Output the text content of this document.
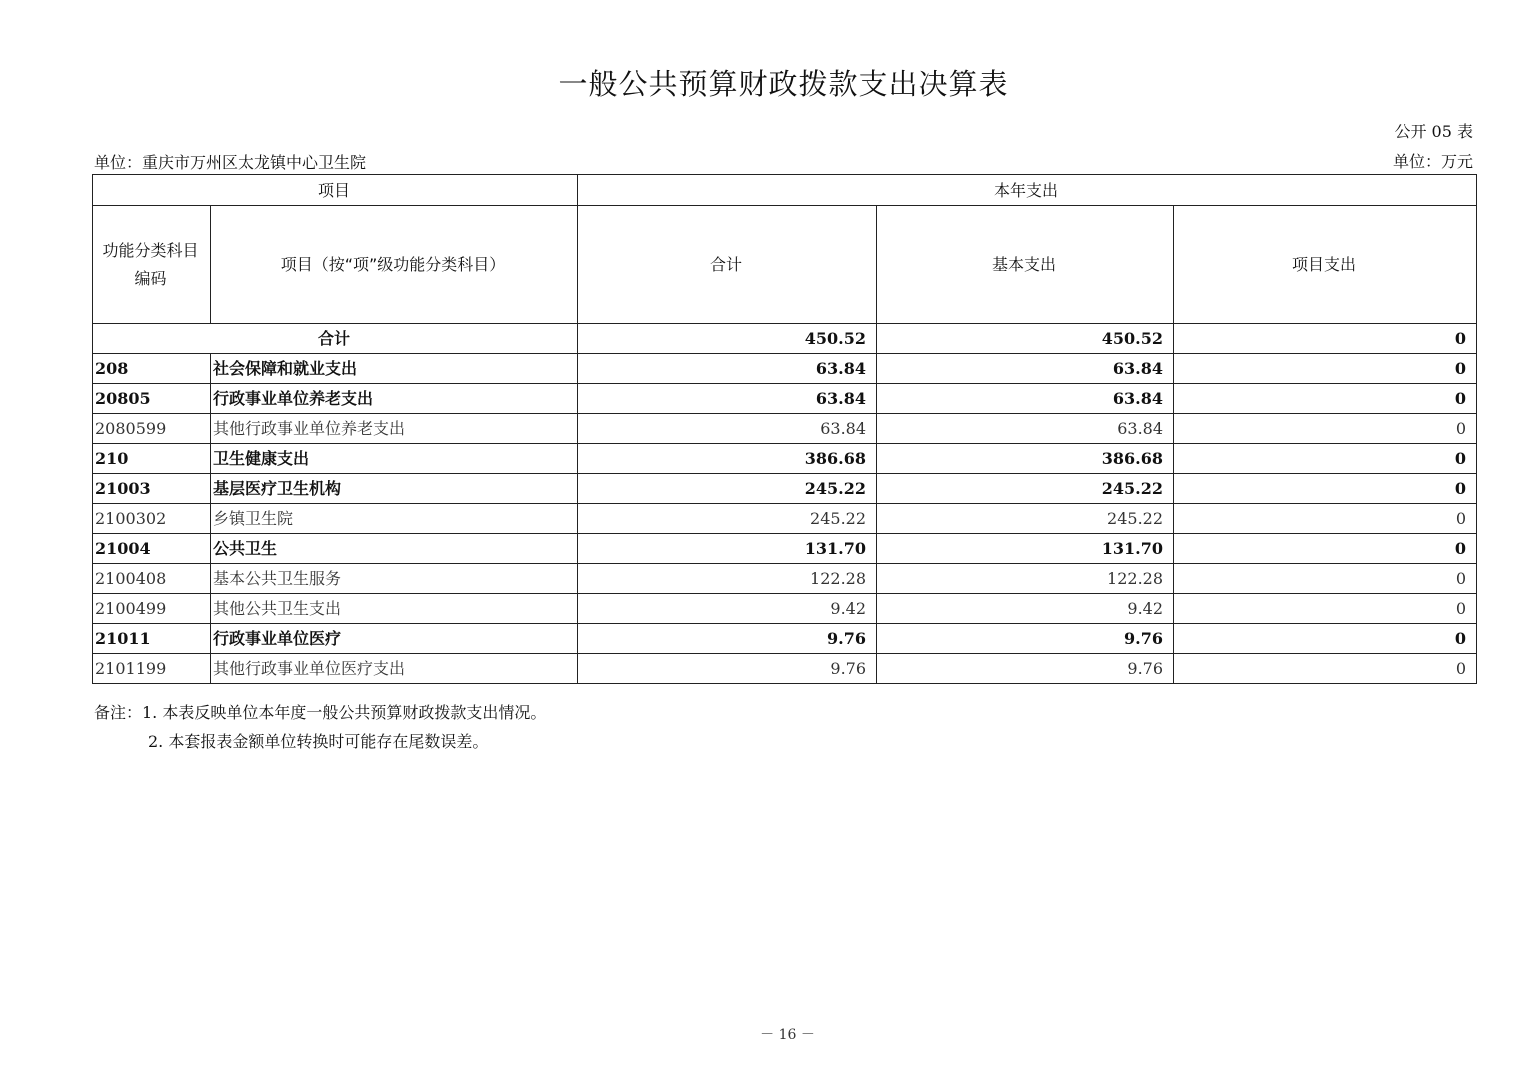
一般公共预算财政拨款支出决算表
公开 05 表
单位：重庆市万州区太龙镇中心卫生院	单位：万元
项目		本年支出		
功能分类科目编码	项目（按“项”级功能分类科目）	合计	基本支出	项目支出
合计		450.52	450.52	0
208	社会保障和就业支出	63.84	63.84	0
20805	行政事业单位养老支出	63.84	63.84	0
2080599	其他行政事业单位养老支出	63.84	63.84	0
210	卫生健康支出	386.68	386.68	0
21003	基层医疗卫生机构	245.22	245.22	0
2100302	乡镇卫生院	245.22	245.22	0
21004	公共卫生	131.70	131.70	0
2100408	基本公共卫生服务	122.28	122.28	0
2100499	其他公共卫生支出	9.42	9.42	0
21011	行政事业单位医疗	9.76	9.76	0
2101199	其他行政事业单位医疗支出	9.76	9.76	0
备注：1. 本表反映单位本年度一般公共预算财政拨款支出情况。
2. 本套报表金额单位转换时可能存在尾数误差。
－ 16 －
